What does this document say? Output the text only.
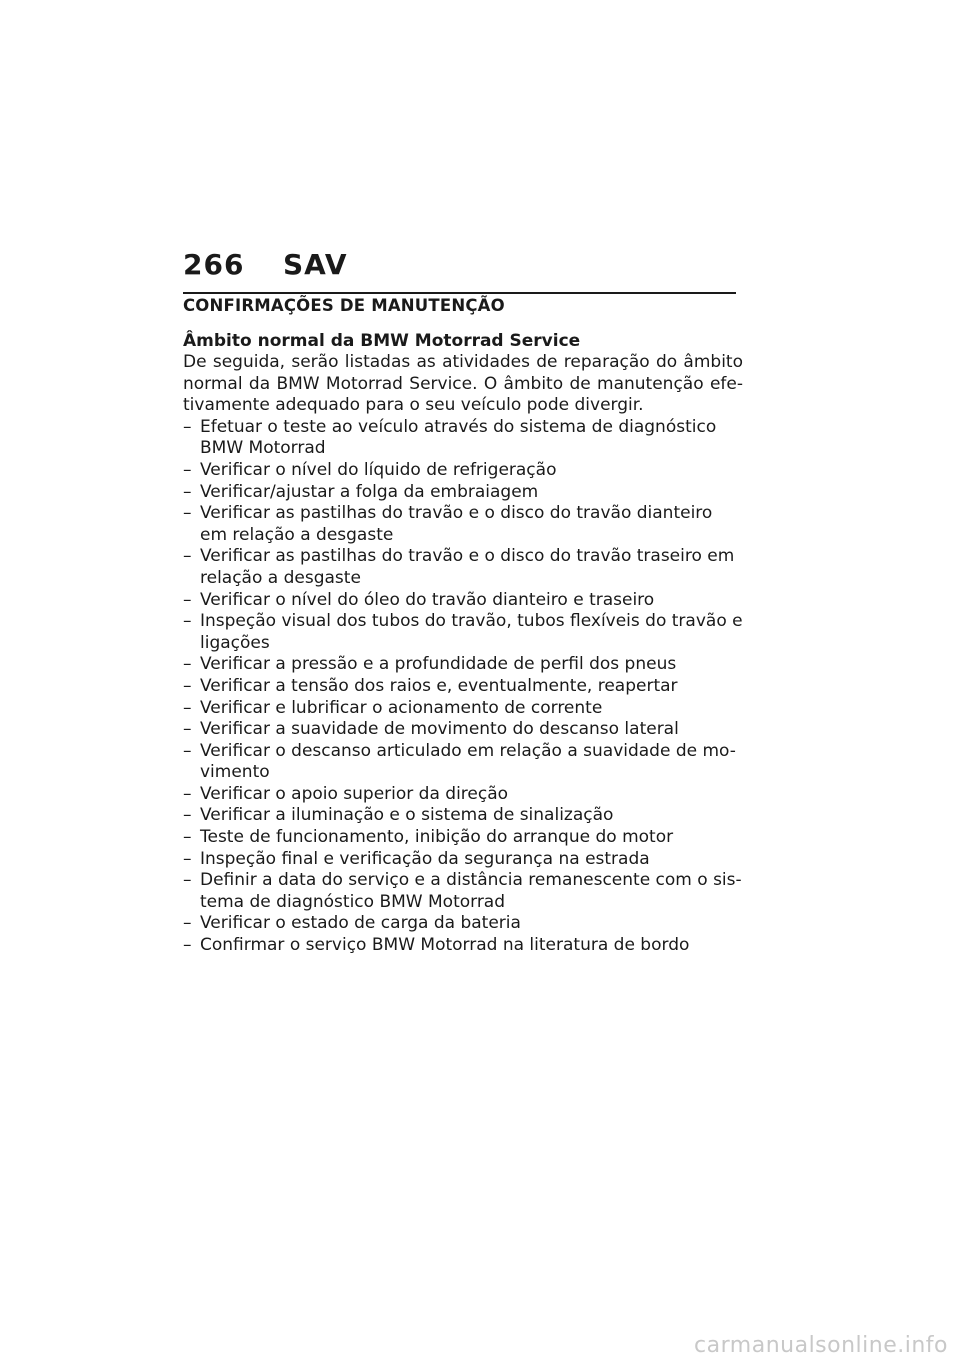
266	SAV
CONFIRMAÇÕES DE MANUTENÇÃO
Âmbito normal da BMW Motorrad Service

De seguida, serão listadas as atividades de reparação do âmbito normal da BMW Motorrad Service. O âmbito de manutenção efe-tivamente adequado para o seu veículo pode divergir.

– Efetuar o teste ao veículo através do sistema de diagnóstico BMW Motorrad
– Verificar o nível do líquido de refrigeração
– Verificar/ajustar a folga da embraiagem
– Verificar as pastilhas do travão e o disco do travão dianteiro em relação a desgaste
– Verificar as pastilhas do travão e o disco do travão traseiro em relação a desgaste
– Verificar o nível do óleo do travão dianteiro e traseiro
– Inspeção visual dos tubos do travão, tubos flexíveis do travão e ligações
– Verificar a pressão e a profundidade de perfil dos pneus
– Verificar a tensão dos raios e, eventualmente, reapertar
– Verificar e lubrificar o acionamento de corrente
– Verificar a suavidade de movimento do descanso lateral
– Verificar o descanso articulado em relação a suavidade de mo-vimento
– Verificar o apoio superior da direção
– Verificar a iluminação e o sistema de sinalização
– Teste de funcionamento, inibição do arranque do motor
– Inspeção final e verificação da segurança na estrada
– Definir a data do serviço e a distância remanescente com o sis-tema de diagnóstico BMW Motorrad
– Verificar o estado de carga da bateria
– Confirmar o serviço BMW Motorrad na literatura de bordo
carmanualsonline.info
